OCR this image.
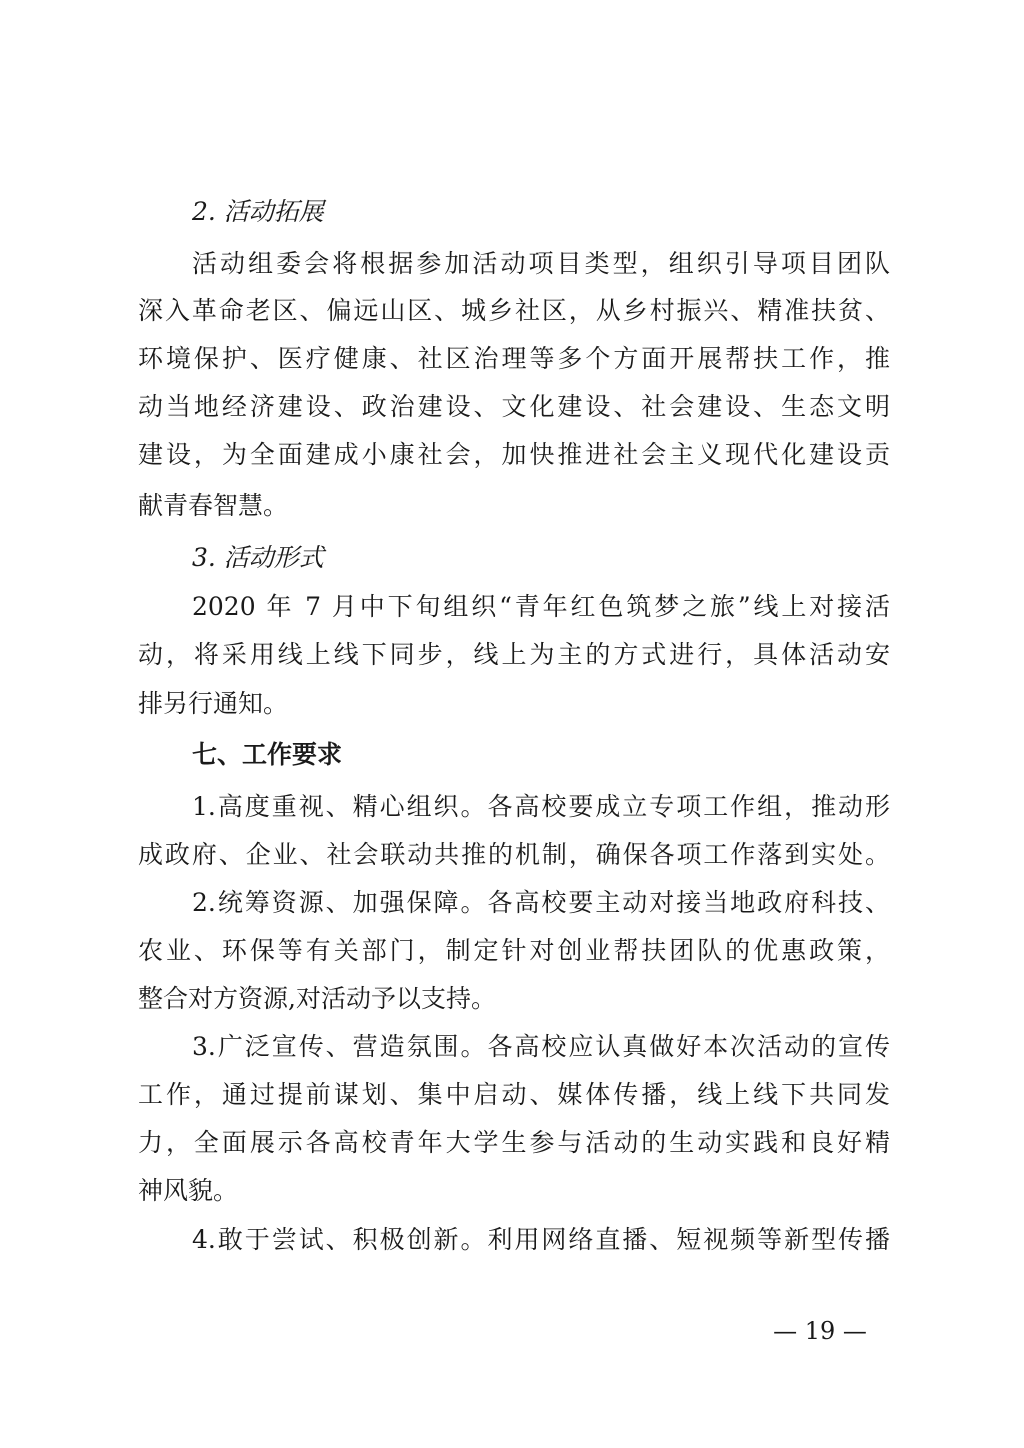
2. 活动拓展
活动组委会将根据参加活动项目类型，组织引导项目团队
深入革命老区、偏远山区、城乡社区，从乡村振兴、精准扶贫、
环境保护、医疗健康、社区治理等多个方面开展帮扶工作，推
动当地经济建设、政治建设、文化建设、社会建设、生态文明
建设，为全面建成小康社会，加快推进社会主义现代化建设贡
献青春智慧。
3. 活动形式
2020 年 7 月中下旬组织“青年红色筑梦之旅”线上对接活
动，将采用线上线下同步，线上为主的方式进行，具体活动安
排另行通知。
七、工作要求
1.高度重视、精心组织。各高校要成立专项工作组，推动形
成政府、企业、社会联动共推的机制，确保各项工作落到实处。
2.统筹资源、加强保障。各高校要主动对接当地政府科技、
农业、环保等有关部门，制定针对创业帮扶团队的优惠政策，
整合对方资源,对活动予以支持。
3.广泛宣传、营造氛围。各高校应认真做好本次活动的宣传
工作，通过提前谋划、集中启动、媒体传播，线上线下共同发
力，全面展示各高校青年大学生参与活动的生动实践和良好精
神风貌。
4.敢于尝试、积极创新。利用网络直播、短视频等新型传播
— 19 —
